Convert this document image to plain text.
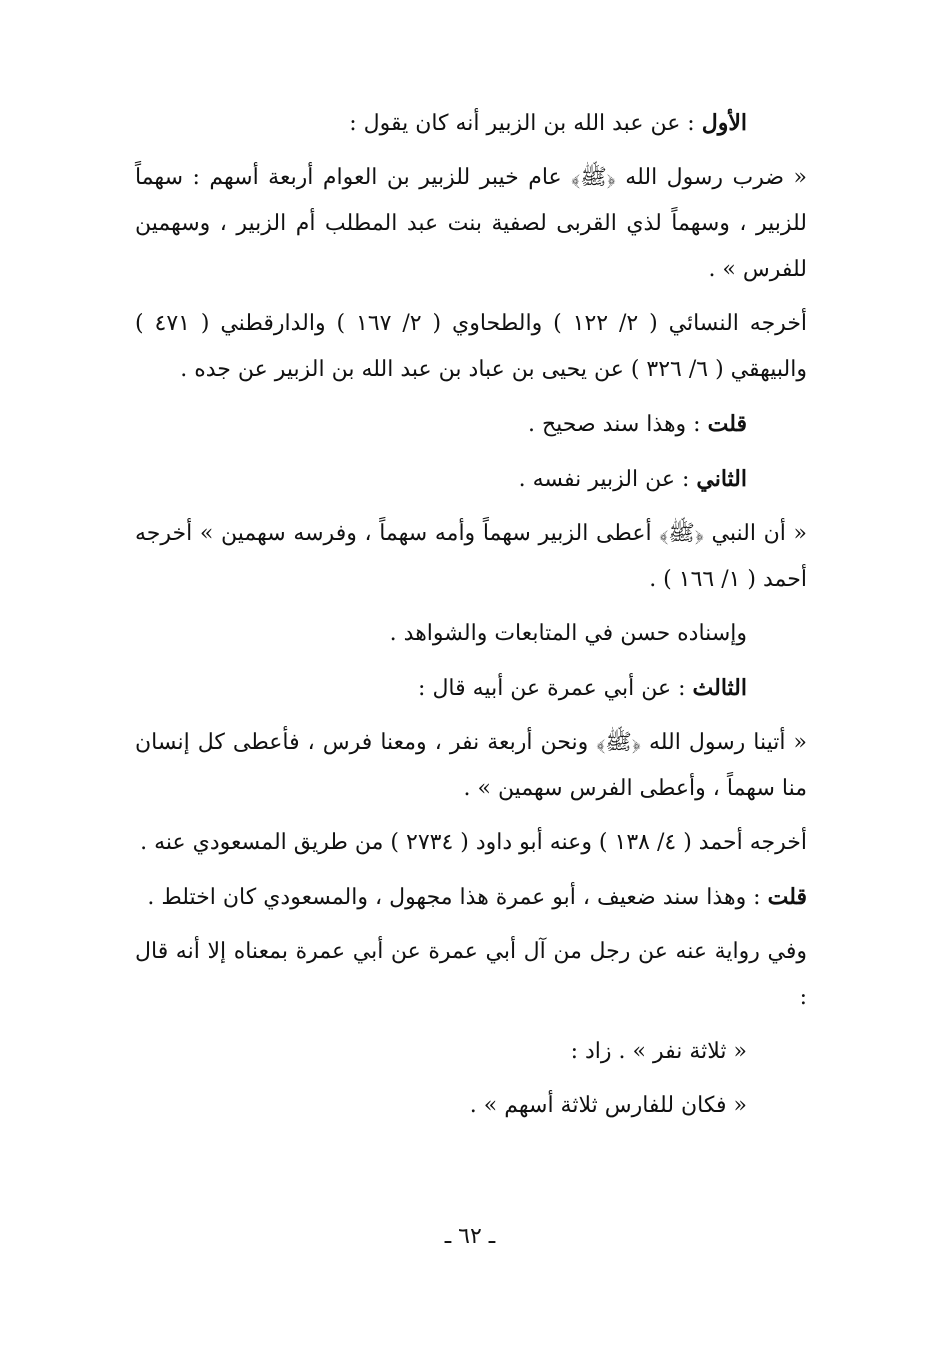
الأول : عن عبد الله بن الزبير أنه كان يقول :

« ضرب رسول الله ﴿ﷺ﴾ عام خيبر للزبير بن العوام أربعة أسهم : سهماً للزبير ، وسهماً لذي القربى لصفية بنت عبد المطلب أم الزبير ، وسهمين للفرس » .

أخرجه النسائي ( ٢/ ١٢٢ ) والطحاوي ( ٢/ ١٦٧ ) والدارقطني ( ٤٧١ ) والبيهقي ( ٦/ ٣٢٦ ) عن يحيى بن عباد بن عبد الله بن الزبير عن جده .

قلت : وهذا سند صحيح .

الثاني : عن الزبير نفسه .

« أن النبي ﴿ﷺ﴾ أعطى الزبير سهماً وأمه سهماً ، وفرسه سهمين » أخرجه أحمد ( ١/ ١٦٦ ) .

وإسناده حسن في المتابعات والشواهد .

الثالث : عن أبي عمرة عن أبيه قال :

« أتينا رسول الله ﴿ﷺ﴾ ونحن أربعة نفر ، ومعنا فرس ، فأعطى كل إنسان منا سهماً ، وأعطى الفرس سهمين » .

أخرجه أحمد ( ٤/ ١٣٨ ) وعنه أبو داود ( ٢٧٣٤ ) من طريق المسعودي عنه .

قلت : وهذا سند ضعيف ، أبو عمرة هذا مجهول ، والمسعودي كان اختلط .

وفي رواية عنه عن رجل من آل أبي عمرة عن أبي عمرة بمعناه إلا أنه قال :

« ثلاثة نفر » . زاد :

« فكان للفارس ثلاثة أسهم » .

ـ ٦٢ ـ
